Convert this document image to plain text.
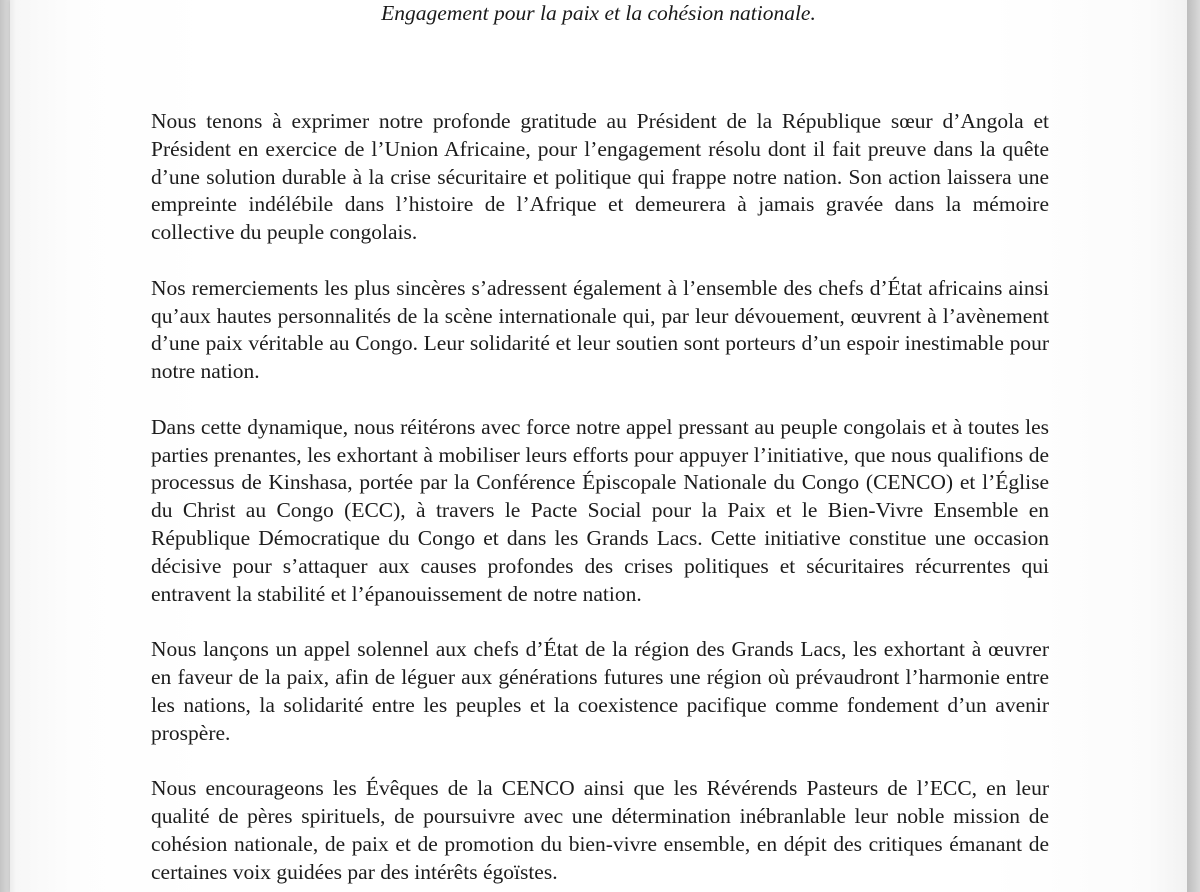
Engagement pour la paix et la cohésion nationale.

Nous tenons à exprimer notre profonde gratitude au Président de la République sœur d’Angola et Président en exercice de l’Union Africaine, pour l’engagement résolu dont il fait preuve dans la quête d’une solution durable à la crise sécuritaire et politique qui frappe notre nation. Son action laissera une empreinte indélébile dans l’histoire de l’Afrique et demeurera à jamais gravée dans la mémoire collective du peuple congolais.

Nos remerciements les plus sincères s’adressent également à l’ensemble des chefs d’État africains ainsi qu’aux hautes personnalités de la scène internationale qui, par leur dévouement, œuvrent à l’avènement d’une paix véritable au Congo. Leur solidarité et leur soutien sont porteurs d’un espoir inestimable pour notre nation.

Dans cette dynamique, nous réitérons avec force notre appel pressant au peuple congolais et à toutes les parties prenantes, les exhortant à mobiliser leurs efforts pour appuyer l’initiative, que nous qualifions de processus de Kinshasa, portée par la Conférence Épiscopale Nationale du Congo (CENCO) et l’Église du Christ au Congo (ECC), à travers le Pacte Social pour la Paix et le Bien-Vivre Ensemble en République Démocratique du Congo et dans les Grands Lacs. Cette initiative constitue une occasion décisive pour s’attaquer aux causes profondes des crises politiques et sécuritaires récurrentes qui entravent la stabilité et l’épanouissement de notre nation.

Nous lançons un appel solennel aux chefs d’État de la région des Grands Lacs, les exhortant à œuvrer en faveur de la paix, afin de léguer aux générations futures une région où prévaudront l’harmonie entre les nations, la solidarité entre les peuples et la coexistence pacifique comme fondement d’un avenir prospère.

Nous encourageons les Évêques de la CENCO ainsi que les Révérends Pasteurs de l’ECC, en leur qualité de pères spirituels, de poursuivre avec une détermination inébranlable leur noble mission de cohésion nationale, de paix et de promotion du bien-vivre ensemble, en dépit des critiques émanant de certaines voix guidées par des intérêts égoïstes.
